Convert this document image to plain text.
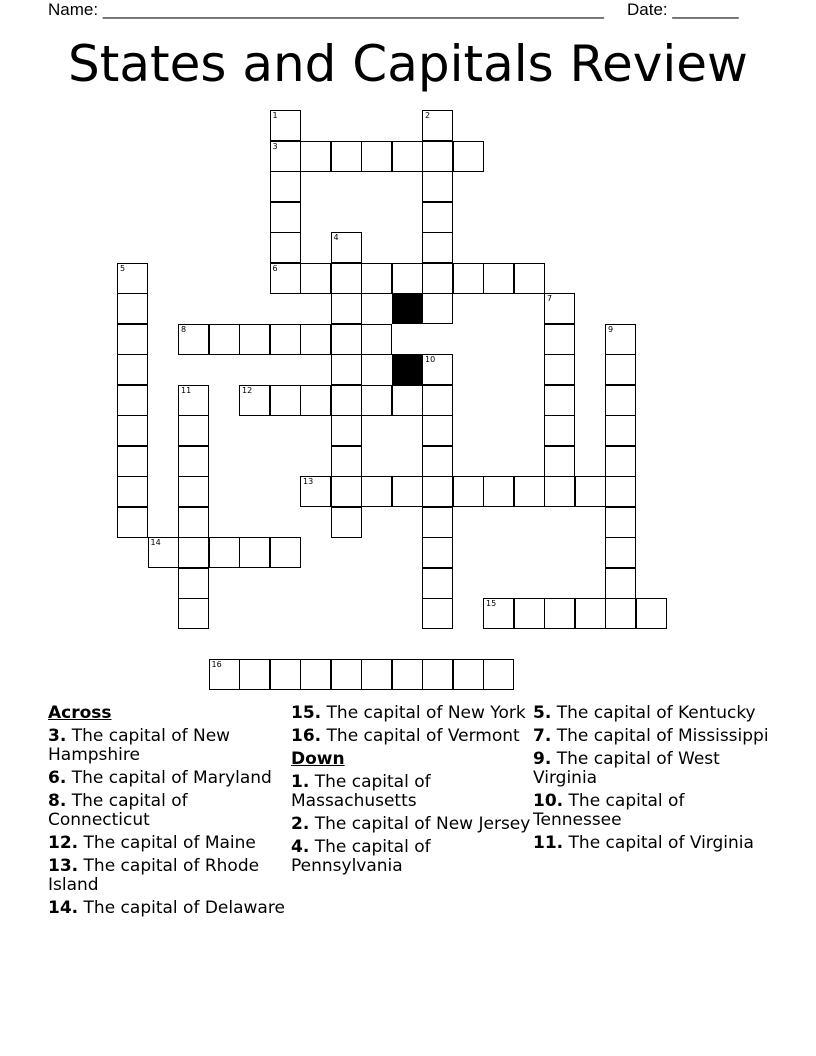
Name: _____________________________________________________ Date: _______
States and Capitals Review
1	2
3
4
5	6
7
8	9
10
11	12
13
14
15
16
Across
3. The capital of New Hampshire
6. The capital of Maryland
8. The capital of Connecticut
12. The capital of Maine
13. The capital of Rhode Island
14. The capital of Delaware
15. The capital of New York
16. The capital of Vermont
Down
1. The capital of Massachusetts
2. The capital of New Jersey
4. The capital of Pennsylvania
5. The capital of Kentucky
7. The capital of Mississippi
9. The capital of West Virginia
10. The capital of Tennessee
11. The capital of Virginia
